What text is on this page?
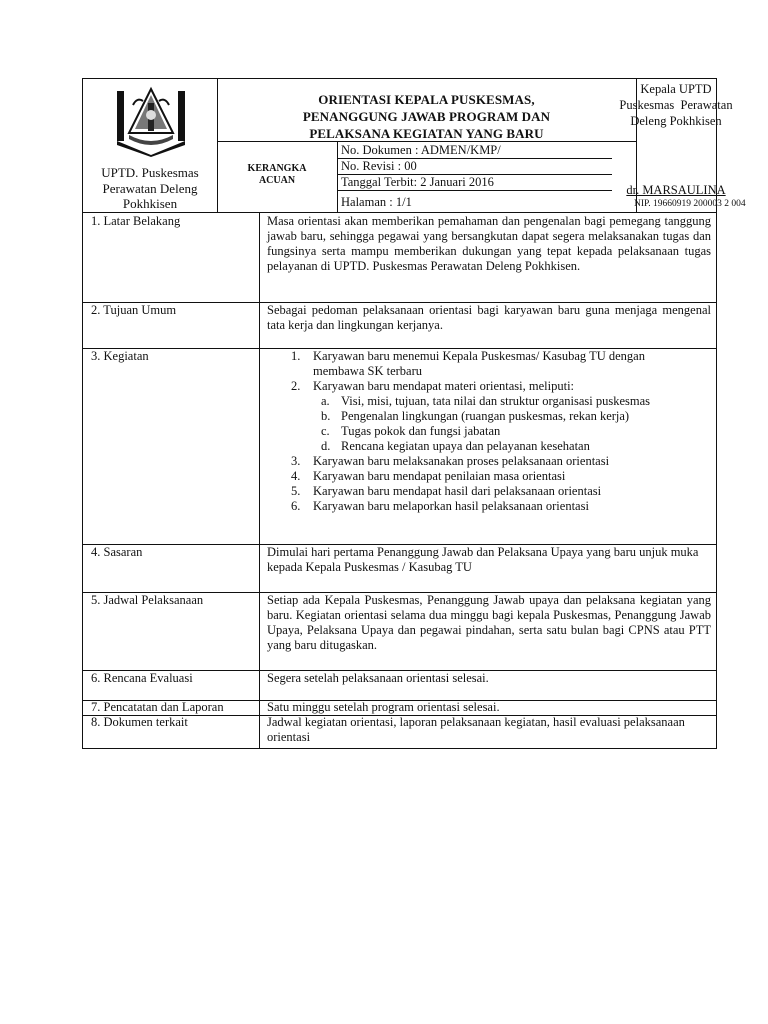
UPTD. Puskesmas
Perawatan Deleng
Pokhkisen
ORIENTASI KEPALA PUSKESMAS,
PENANGGUNG JAWAB PROGRAM DAN
PELAKSANA KEGIATAN YANG BARU
KERANGKA
ACUAN
No. Dokumen : ADMEN/KMP/
No. Revisi : 00
Tanggal Terbit: 2 Januari 2016
Halaman : 1/1
Kepala UPTD
Puskesmas  Perawatan
Deleng Pokhkisen
dr. MARSAULINA
NIP. 19660919 200003 2 004
1. Latar Belakang	Masa orientasi akan memberikan pemahaman dan pengenalan bagi pemegang tanggung jawab baru, sehingga pegawai yang bersangkutan dapat segera melaksanakan tugas dan fungsinya serta mampu memberikan dukungan yang tepat kepada pelaksanaan tugas pelayanan di UPTD. Puskesmas Perawatan Deleng Pokhkisen.
2. Tujuan Umum	Sebagai pedoman pelaksanaan orientasi bagi karyawan baru guna menjaga mengenal tata kerja dan lingkungan kerjanya.
3. Kegiatan	1. Karyawan baru menemui Kepala Puskesmas/ Kasubag TU dengan membawa SK terbaru
2. Karyawan baru mendapat materi orientasi, meliputi:
a. Visi, misi, tujuan, tata nilai dan struktur organisasi puskesmas
b. Pengenalan lingkungan (ruangan puskesmas, rekan kerja)
c. Tugas pokok dan fungsi jabatan
d. Rencana kegiatan upaya dan pelayanan kesehatan
3. Karyawan baru melaksanakan proses pelaksanaan orientasi
4. Karyawan baru mendapat penilaian masa orientasi
5. Karyawan baru mendapat hasil dari pelaksanaan orientasi
6. Karyawan baru melaporkan hasil pelaksanaan orientasi
4. Sasaran	Dimulai hari pertama Penanggung Jawab dan Pelaksana Upaya yang baru unjuk muka kepada Kepala Puskesmas / Kasubag TU
5. Jadwal Pelaksanaan	Setiap ada Kepala Puskesmas, Penanggung Jawab upaya dan pelaksana kegiatan yang baru. Kegiatan orientasi selama dua minggu bagi kepala Puskesmas, Penanggung Jawab Upaya, Pelaksana Upaya dan pegawai pindahan, serta satu bulan bagi CPNS atau PTT yang baru ditugaskan.
6. Rencana Evaluasi	Segera setelah pelaksanaan orientasi selesai.
7. Pencatatan dan Laporan	Satu minggu setelah program orientasi selesai.
8. Dokumen terkait	Jadwal kegiatan orientasi, laporan pelaksanaan kegiatan, hasil evaluasi pelaksanaan orientasi
